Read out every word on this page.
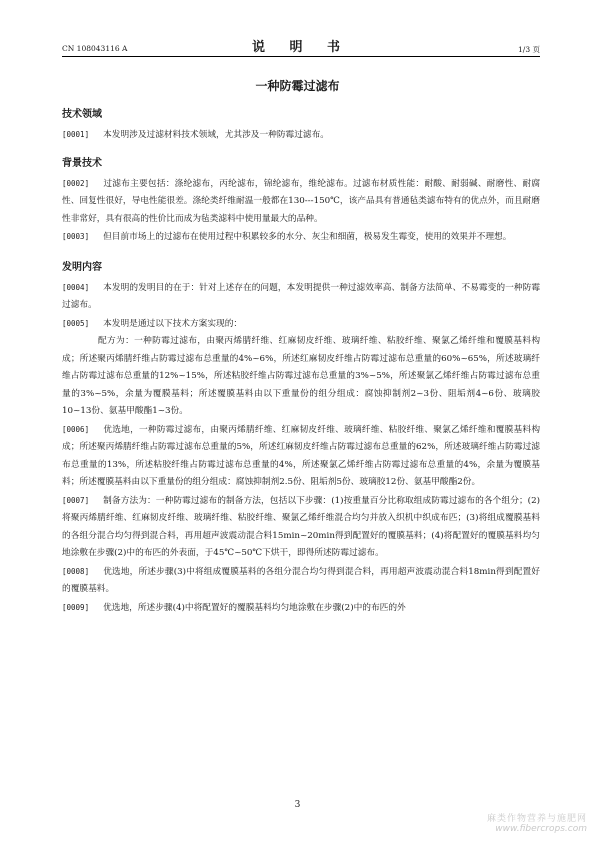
CN 108043116 A	说 明 书	1/3 页
一种防霉过滤布
技术领域

[0001] 本发明涉及过滤材料技术领域，尤其涉及一种防霉过滤布。

背景技术

[0002] 过滤布主要包括：涤纶滤布，丙纶滤布，锦纶滤布，维纶滤布。过滤布材质性能：耐酸、耐弱碱、耐磨性、耐腐性、回复性很好，导电性能很差。涤纶类纤维耐温一般都在130---150℃，该产品具有普通毡类滤布特有的优点外，而且耐磨性非常好，具有很高的性价比而成为毡类滤料中使用量最大的品种。

[0003] 但目前市场上的过滤布在使用过程中积累较多的水分、灰尘和细菌，极易发生霉变，使用的效果并不理想。

发明内容

[0004] 本发明的发明目的在于：针对上述存在的问题，本发明提供一种过滤效率高、制备方法简单、不易霉变的一种防霉过滤布。

[0005] 本发明是通过以下技术方案实现的：

配方为：一种防霉过滤布，由聚丙烯腈纤维、红麻韧皮纤维、玻璃纤维、粘胶纤维、聚氯乙烯纤维和覆膜基料构成；所述聚丙烯腈纤维占防霉过滤布总重量的4%~6%，所述红麻韧皮纤维占防霉过滤布总重量的60%~65%，所述玻璃纤维占防霉过滤布总重量的12%~15%，所述粘胶纤维占防霉过滤布总重量的3%~5%，所述聚氯乙烯纤维占防霉过滤布总重量的3%~5%，余量为覆膜基料；所述覆膜基料由以下重量份的组分组成：腐蚀抑制剂2~3份、阻垢剂4~6份、玻璃胶10~13份、氨基甲酸酯1~3份。

[0006] 优选地，一种防霉过滤布，由聚丙烯腈纤维、红麻韧皮纤维、玻璃纤维、粘胶纤维、聚氯乙烯纤维和覆膜基料构成；所述聚丙烯腈纤维占防霉过滤布总重量的5%，所述红麻韧皮纤维占防霉过滤布总重量的62%，所述玻璃纤维占防霉过滤布总重量的13%，所述粘胶纤维占防霉过滤布总重量的4%，所述聚氯乙烯纤维占防霉过滤布总重量的4%，余量为覆膜基料；所述覆膜基料由以下重量份的组分组成：腐蚀抑制剂2.5份、阻垢剂5份、玻璃胶12份、氨基甲酸酯2份。

[0007] 制备方法为：一种防霉过滤布的制备方法，包括以下步骤：(1)按重量百分比称取组成防霉过滤布的各个组分；(2)将聚丙烯腈纤维、红麻韧皮纤维、玻璃纤维、粘胶纤维、聚氯乙烯纤维混合均匀并放入织机中织成布匹；(3)将组成覆膜基料的各组分混合均匀得到混合料，再用超声波震动混合料15min~20min得到配置好的覆膜基料；(4)将配置好的覆膜基料均匀地涂敷在步骤(2)中的布匹的外表面，于45℃~50℃下烘干，即得所述防霉过滤布。

[0008] 优选地，所述步骤(3)中将组成覆膜基料的各组分混合均匀得到混合料，再用超声波震动混合料18min得到配置好的覆膜基料。

[0009] 优选地，所述步骤(4)中将配置好的覆膜基料均匀地涂敷在步骤(2)中的布匹的外

3
麻类作物营养与施肥网
www.fibercrops.com
